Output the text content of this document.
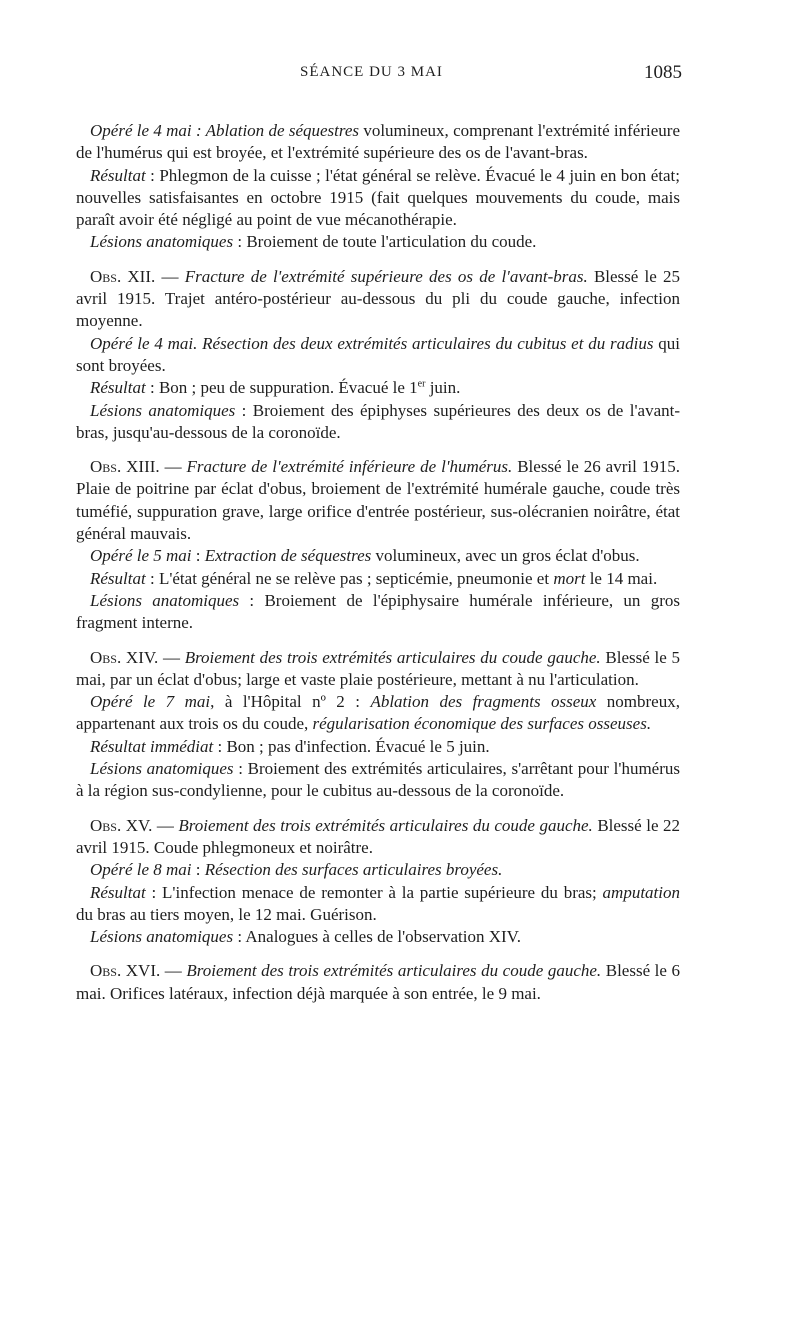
SÉANCE DU 3 MAI	1085

Opéré le 4 mai : Ablation de séquestres volumineux, comprenant l'extrémité inférieure de l'humérus qui est broyée, et l'extrémité supérieure des os de l'avant-bras.

Résultat : Phlegmon de la cuisse ; l'état général se relève. Évacué le 4 juin en bon état; nouvelles satisfaisantes en octobre 1915 (fait quelques mouvements du coude, mais paraît avoir été négligé au point de vue mécanothérapie.

Lésions anatomiques : Broiement de toute l'articulation du coude.

Obs. XII. — Fracture de l'extrémité supérieure des os de l'avant-bras. Blessé le 25 avril 1915. Trajet antéro-postérieur au-dessous du pli du coude gauche, infection moyenne.

Opéré le 4 mai. Résection des deux extrémités articulaires du cubitus et du radius qui sont broyées.

Résultat : Bon ; peu de suppuration. Évacué le 1er juin.

Lésions anatomiques : Broiement des épiphyses supérieures des deux os de l'avant-bras, jusqu'au-dessous de la coronoïde.

Obs. XIII. — Fracture de l'extrémité inférieure de l'humérus. Blessé le 26 avril 1915. Plaie de poitrine par éclat d'obus, broiement de l'extrémité humérale gauche, coude très tuméfié, suppuration grave, large orifice d'entrée postérieur, sus-olécranien noirâtre, état général mauvais.

Opéré le 5 mai : Extraction de séquestres volumineux, avec un gros éclat d'obus.

Résultat : L'état général ne se relève pas ; septicémie, pneumonie et mort le 14 mai.

Lésions anatomiques : Broiement de l'épiphysaire humérale inférieure, un gros fragment interne.

Obs. XIV. — Broiement des trois extrémités articulaires du coude gauche. Blessé le 5 mai, par un éclat d'obus; large et vaste plaie postérieure, mettant à nu l'articulation.

Opéré le 7 mai, à l'Hôpital nº 2 : Ablation des fragments osseux nombreux, appartenant aux trois os du coude, régularisation économique des surfaces osseuses.

Résultat immédiat : Bon ; pas d'infection. Évacué le 5 juin.

Lésions anatomiques : Broiement des extrémités articulaires, s'arrêtant pour l'humérus à la région sus-condylienne, pour le cubitus au-dessous de la coronoïde.

Obs. XV. — Broiement des trois extrémités articulaires du coude gauche. Blessé le 22 avril 1915. Coude phlegmoneux et noirâtre.

Opéré le 8 mai : Résection des surfaces articulaires broyées.

Résultat : L'infection menace de remonter à la partie supérieure du bras; amputation du bras au tiers moyen, le 12 mai. Guérison.

Lésions anatomiques : Analogues à celles de l'observation XIV.

Obs. XVI. — Broiement des trois extrémités articulaires du coude gauche. Blessé le 6 mai. Orifices latéraux, infection déjà marquée à son entrée, le 9 mai.
